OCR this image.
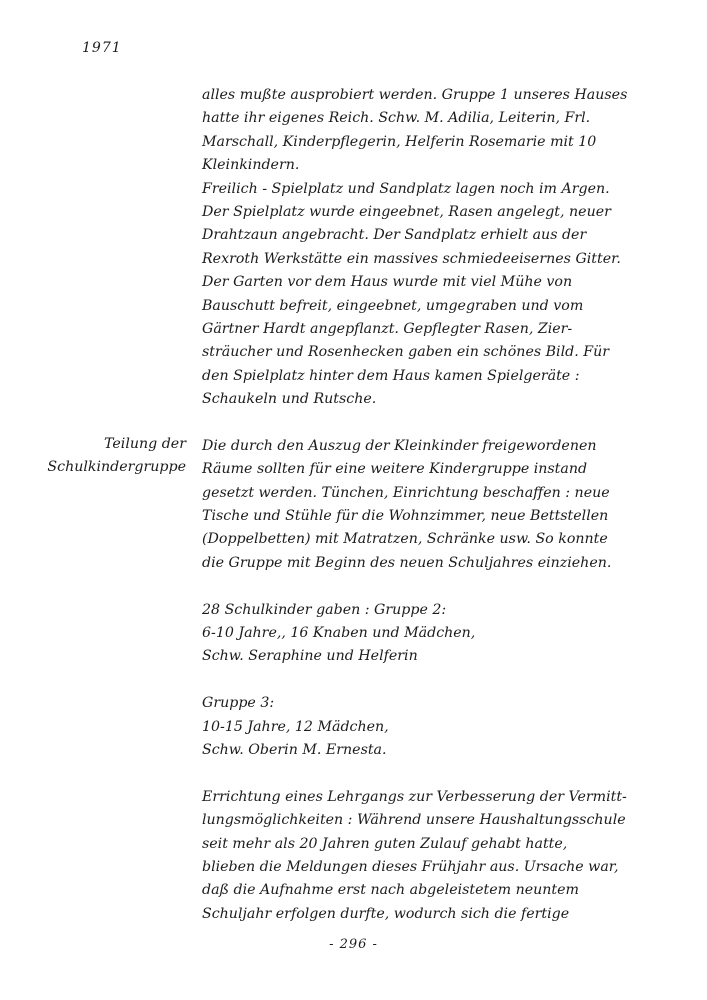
1971
Teilung der
Schulkindergruppe
alles mußte ausprobiert werden. Gruppe 1 unseres Hauses
hatte ihr eigenes Reich. Schw. M. Adilia, Leiterin, Frl.
Marschall, Kinderpflegerin, Helferin Rosemarie mit 10
Kleinkindern.
Freilich - Spielplatz und Sandplatz lagen noch im Argen.
Der Spielplatz wurde eingeebnet, Rasen angelegt, neuer
Drahtzaun angebracht. Der Sandplatz erhielt aus der
Rexroth Werkstätte ein massives schmiedeeisernes Gitter.
Der Garten vor dem Haus wurde mit viel Mühe von
Bauschutt befreit, eingeebnet, umgegraben und vom
Gärtner Hardt angepflanzt. Gepflegter Rasen, Zier-
sträucher und Rosenhecken gaben ein schönes Bild. Für
den Spielplatz hinter dem Haus kamen Spielgeräte :
Schaukeln und Rutsche.
Die durch den Auszug der Kleinkinder freigewordenen
Räume sollten für eine weitere Kindergruppe instand
gesetzt werden. Tünchen, Einrichtung beschaffen : neue
Tische und Stühle für die Wohnzimmer, neue Bettstellen
(Doppelbetten) mit Matratzen, Schränke usw. So konnte
die Gruppe mit Beginn des neuen Schuljahres einziehen.
28 Schulkinder gaben : Gruppe 2:
6-10 Jahre,, 16 Knaben und Mädchen,
Schw. Seraphine und Helferin
Gruppe 3:
10-15 Jahre, 12 Mädchen,
Schw. Oberin M. Ernesta.
Errichtung eines Lehrgangs zur Verbesserung der Vermitt-
lungsmöglichkeiten : Während unsere Haushaltungsschule
seit mehr als 20 Jahren guten Zulauf gehabt hatte,
blieben die Meldungen dieses Frühjahr aus. Ursache war,
daß die Aufnahme erst nach abgeleistetem neuntem
Schuljahr erfolgen durfte, wodurch sich die fertige
- 296 -
